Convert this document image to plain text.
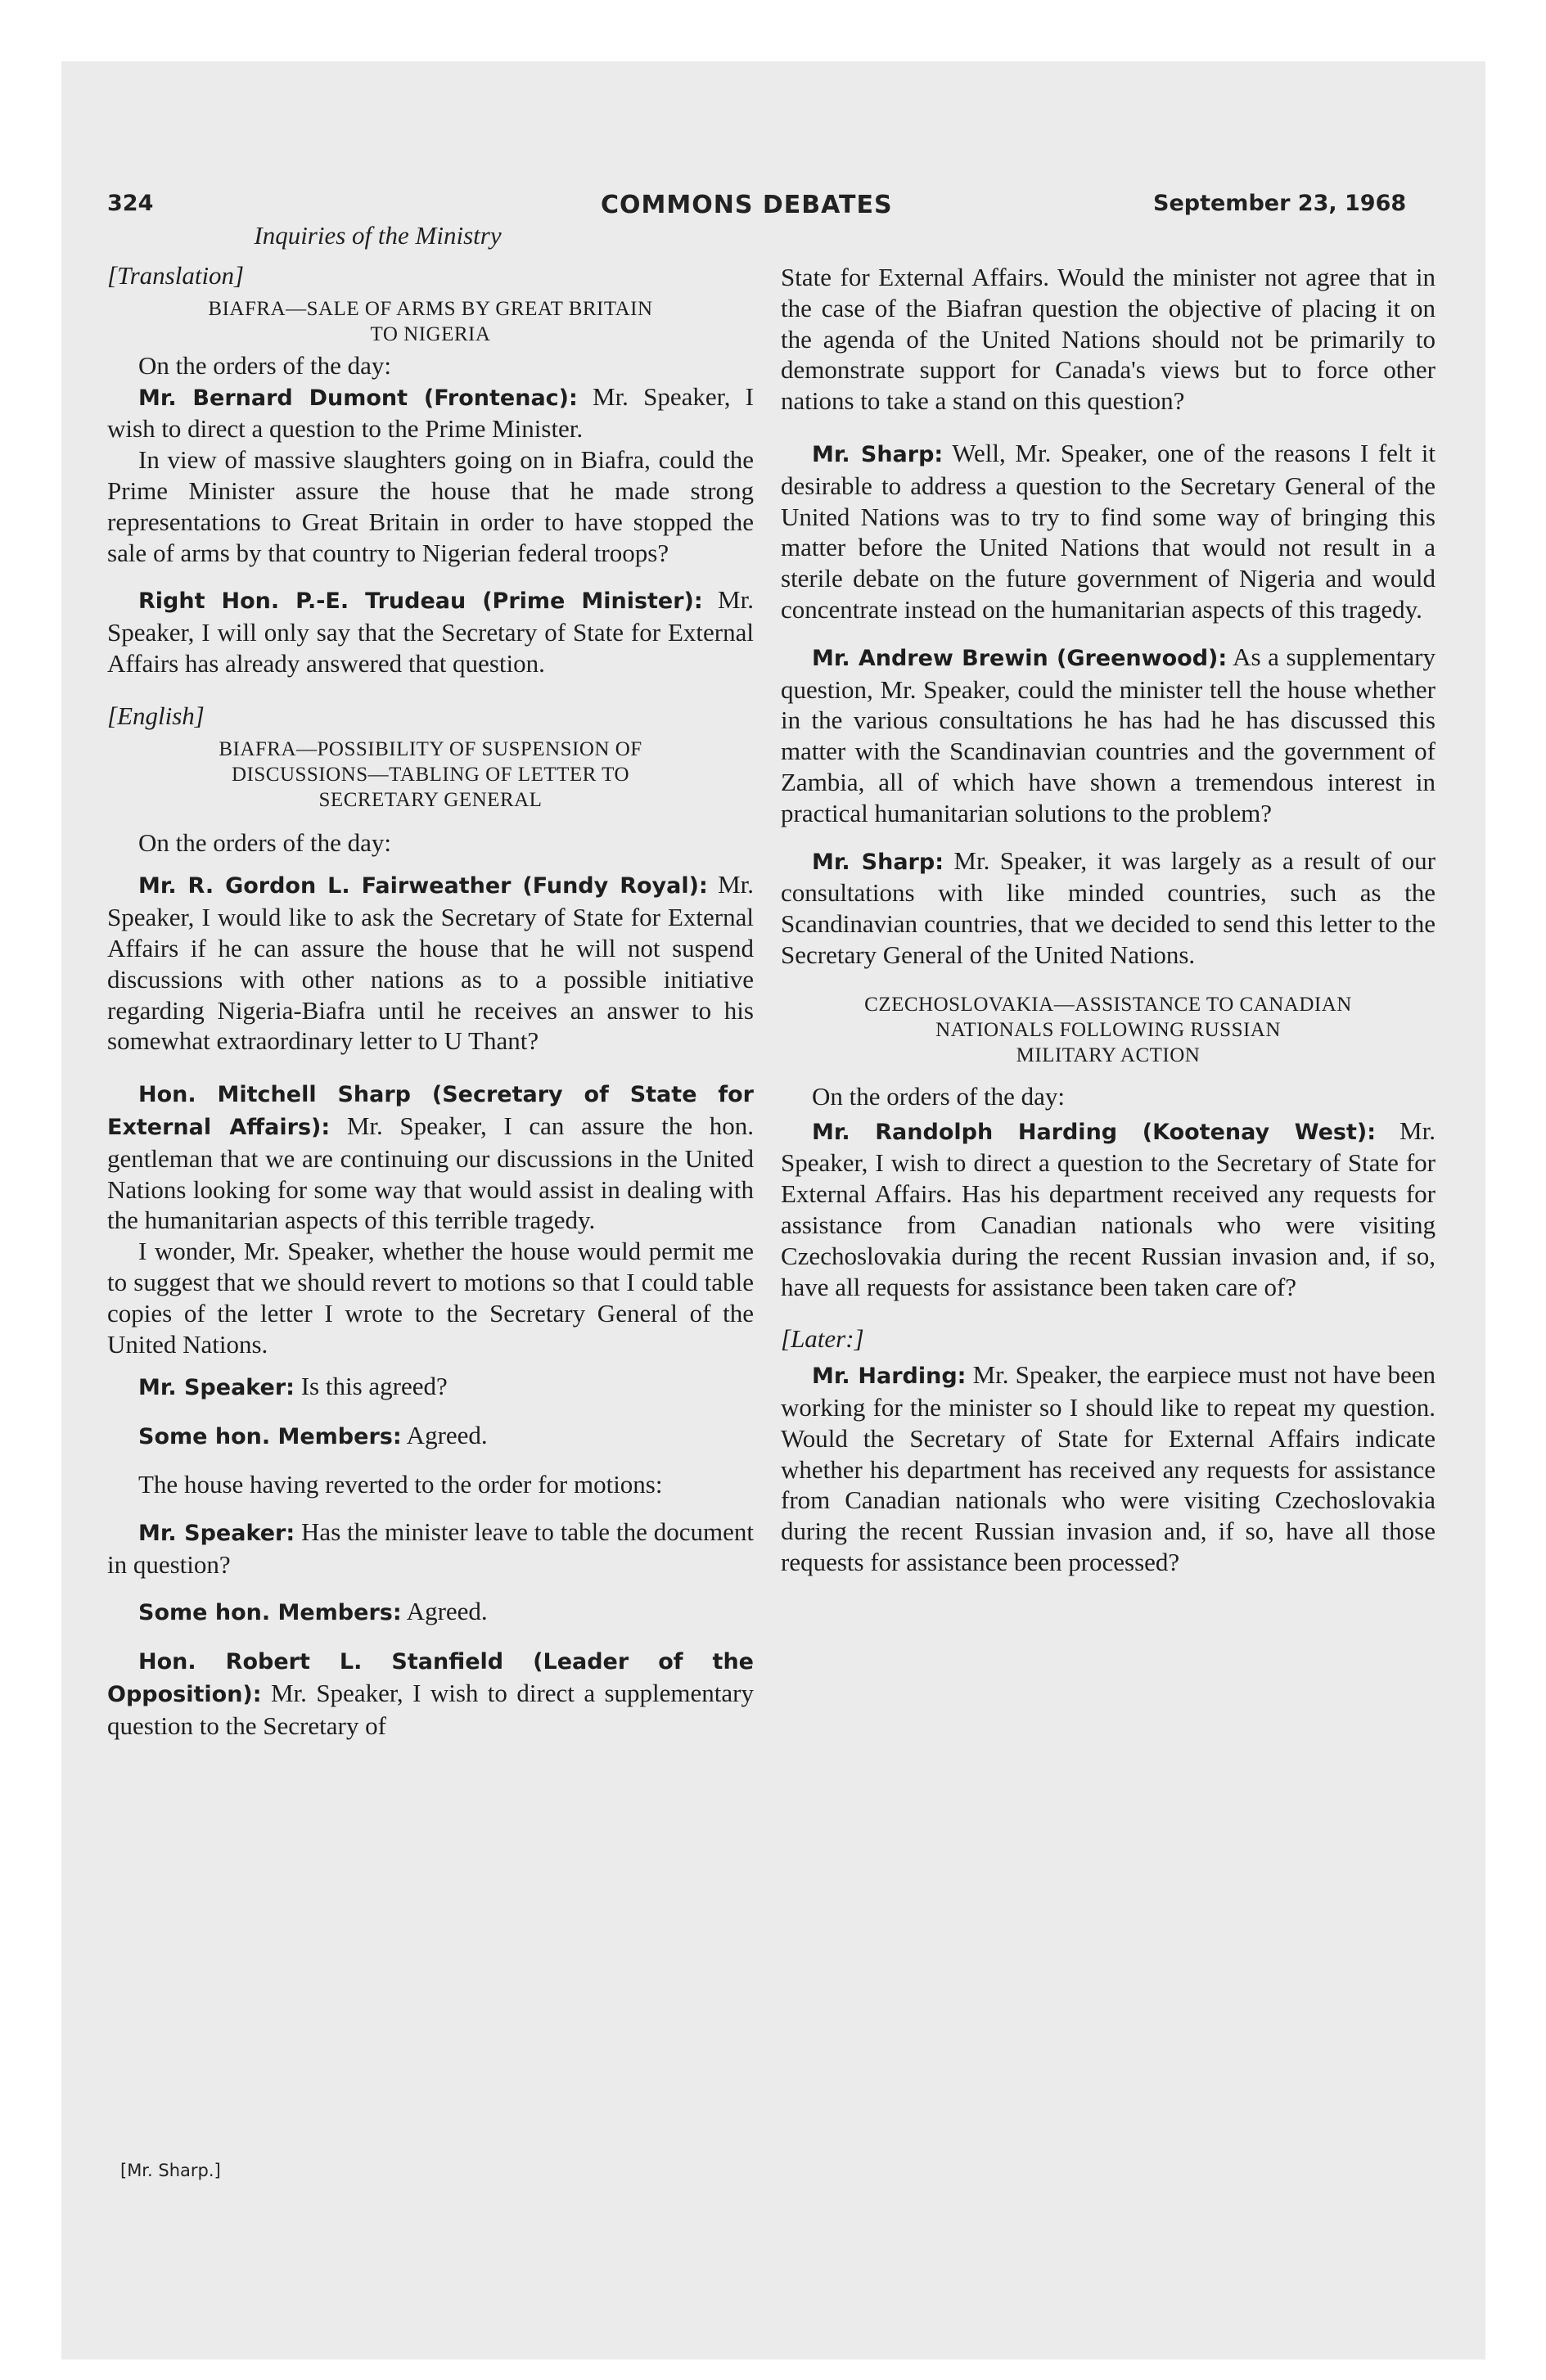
324	COMMONS DEBATES	September 23, 1968
Inquiries of the Ministry

[Translation]

BIAFRA—SALE OF ARMS BY GREAT BRITAIN
TO NIGERIA

On the orders of the day:

Mr. Bernard Dumont (Frontenac): Mr. Speaker, I wish to direct a question to the Prime Minister.

In view of massive slaughters going on in Biafra, could the Prime Minister assure the house that he made strong representations to Great Britain in order to have stopped the sale of arms by that country to Nigerian federal troops?

Right Hon. P.-E. Trudeau (Prime Minister): Mr. Speaker, I will only say that the Secretary of State for External Affairs has already answered that question.

[English]

BIAFRA—POSSIBILITY OF SUSPENSION OF
DISCUSSIONS—TABLING OF LETTER TO
SECRETARY GENERAL

On the orders of the day:

Mr. R. Gordon L. Fairweather (Fundy Royal): Mr. Speaker, I would like to ask the Secretary of State for External Affairs if he can assure the house that he will not suspend discussions with other nations as to a possible initiative regarding Nigeria-Biafra until he receives an answer to his somewhat extraordinary letter to U Thant?

Hon. Mitchell Sharp (Secretary of State for External Affairs): Mr. Speaker, I can assure the hon. gentleman that we are continuing our discussions in the United Nations looking for some way that would assist in dealing with the humanitarian aspects of this terrible tragedy.

I wonder, Mr. Speaker, whether the house would permit me to suggest that we should revert to motions so that I could table copies of the letter I wrote to the Secretary General of the United Nations.

Mr. Speaker: Is this agreed?

Some hon. Members: Agreed.

The house having reverted to the order for motions:

Mr. Speaker: Has the minister leave to table the document in question?

Some hon. Members: Agreed.

Hon. Robert L. Stanfield (Leader of the Opposition): Mr. Speaker, I wish to direct a supplementary question to the Secretary of

[Mr. Sharp.]

State for External Affairs. Would the minister not agree that in the case of the Biafran question the objective of placing it on the agenda of the United Nations should not be primarily to demonstrate support for Canada's views but to force other nations to take a stand on this question?

Mr. Sharp: Well, Mr. Speaker, one of the reasons I felt it desirable to address a question to the Secretary General of the United Nations was to try to find some way of bringing this matter before the United Nations that would not result in a sterile debate on the future government of Nigeria and would concentrate instead on the humanitarian aspects of this tragedy.

Mr. Andrew Brewin (Greenwood): As a supplementary question, Mr. Speaker, could the minister tell the house whether in the various consultations he has had he has discussed this matter with the Scandinavian countries and the government of Zambia, all of which have shown a tremendous interest in practical humanitarian solutions to the problem?

Mr. Sharp: Mr. Speaker, it was largely as a result of our consultations with like minded countries, such as the Scandinavian countries, that we decided to send this letter to the Secretary General of the United Nations.

CZECHOSLOVAKIA—ASSISTANCE TO CANADIAN
NATIONALS FOLLOWING RUSSIAN
MILITARY ACTION

On the orders of the day:

Mr. Randolph Harding (Kootenay West): Mr. Speaker, I wish to direct a question to the Secretary of State for External Affairs. Has his department received any requests for assistance from Canadian nationals who were visiting Czechoslovakia during the recent Russian invasion and, if so, have all requests for assistance been taken care of?

[Later:]

Mr. Harding: Mr. Speaker, the earpiece must not have been working for the minister so I should like to repeat my question. Would the Secretary of State for External Affairs indicate whether his department has received any requests for assistance from Canadian nationals who were visiting Czechoslovakia during the recent Russian invasion and, if so, have all those requests for assistance been processed?
